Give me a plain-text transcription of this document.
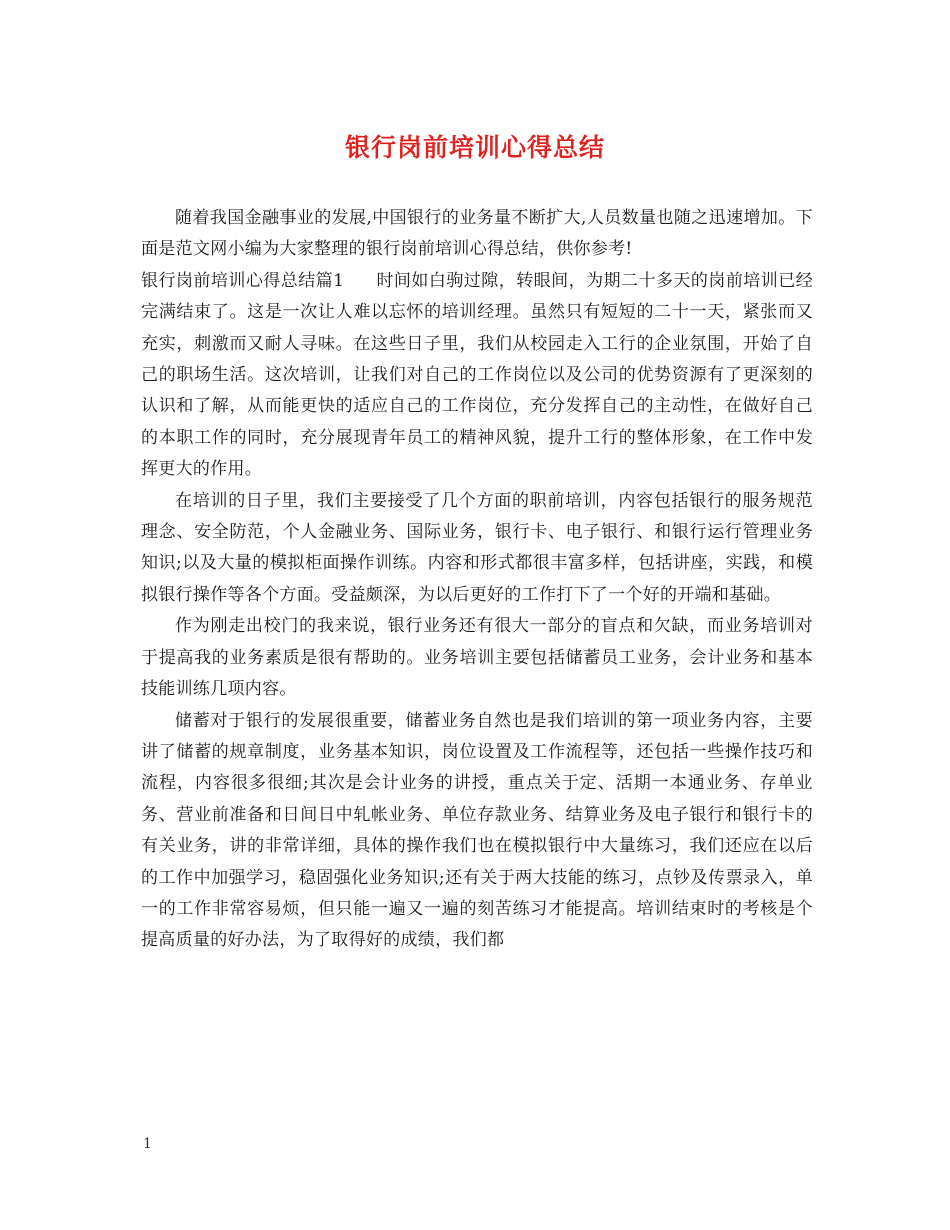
银行岗前培训心得总结

随着我国金融事业的发展,中国银行的业务量不断扩大,人员数量也随之迅速增加。下面是范文网小编为大家整理的银行岗前培训心得总结，供你参考!

银行岗前培训心得总结篇1 时间如白驹过隙，转眼间，为期二十多天的岗前培训已经完满结束了。这是一次让人难以忘怀的培训经理。虽然只有短短的二十一天，紧张而又充实，刺激而又耐人寻味。在这些日子里，我们从校园走入工行的企业氛围，开始了自己的职场生活。这次培训，让我们对自己的工作岗位以及公司的优势资源有了更深刻的认识和了解，从而能更快的适应自己的工作岗位，充分发挥自己的主动性，在做好自己的本职工作的同时，充分展现青年员工的精神风貌，提升工行的整体形象，在工作中发挥更大的作用。

在培训的日子里，我们主要接受了几个方面的职前培训，内容包括银行的服务规范理念、安全防范，个人金融业务、国际业务，银行卡、电子银行、和银行运行管理业务知识;以及大量的模拟柜面操作训练。内容和形式都很丰富多样，包括讲座，实践，和模拟银行操作等各个方面。受益颇深，为以后更好的工作打下了一个好的开端和基础。

作为刚走出校门的我来说，银行业务还有很大一部分的盲点和欠缺，而业务培训对于提高我的业务素质是很有帮助的。业务培训主要包括储蓄员工业务，会计业务和基本技能训练几项内容。

储蓄对于银行的发展很重要，储蓄业务自然也是我们培训的第一项业务内容，主要讲了储蓄的规章制度，业务基本知识，岗位设置及工作流程等，还包括一些操作技巧和流程，内容很多很细;其次是会计业务的讲授，重点关于定、活期一本通业务、存单业务、营业前准备和日间日中轧帐业务、单位存款业务、结算业务及电子银行和银行卡的有关业务，讲的非常详细，具体的操作我们也在模拟银行中大量练习，我们还应在以后的工作中加强学习，稳固强化业务知识;还有关于两大技能的练习，点钞及传票录入，单一的工作非常容易烦，但只能一遍又一遍的刻苦练习才能提高。培训结束时的考核是个提高质量的好办法，为了取得好的成绩，我们都

1
